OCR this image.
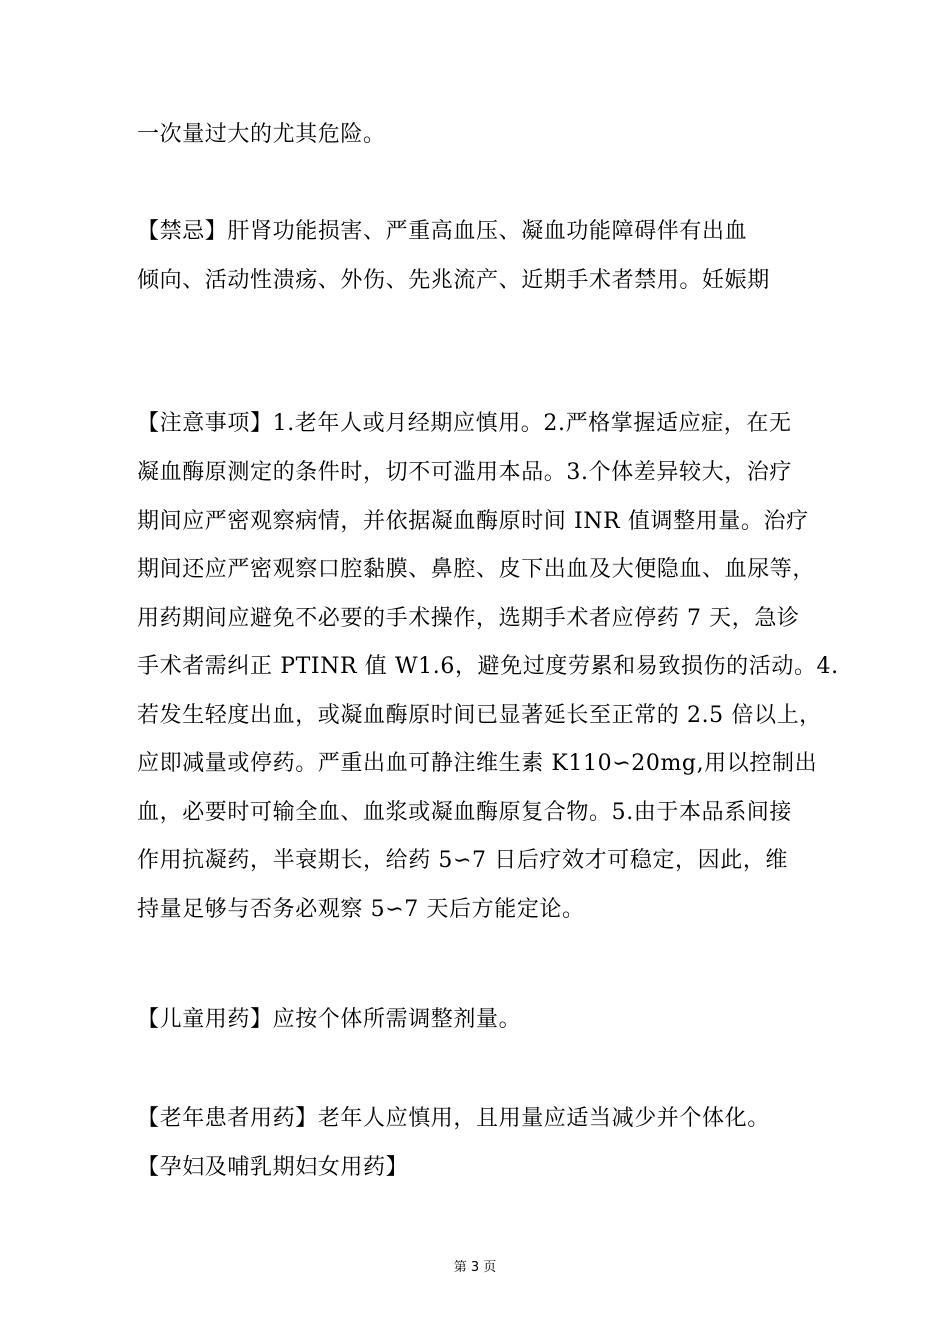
一次量过大的尤其危险。
【禁忌】肝肾功能损害、严重高血压、凝血功能障碍伴有出血
倾向、活动性溃疡、外伤、先兆流产、近期手术者禁用。妊娠期
【注意事项】1.老年人或月经期应慎用。2.严格掌握适应症，在无
凝血酶原测定的条件时，切不可滥用本品。3.个体差异较大，治疗
期间应严密观察病情，并依据凝血酶原时间 INR 值调整用量。治疗
期间还应严密观察口腔黏膜、鼻腔、皮下出血及大便隐血、血尿等，
用药期间应避免不必要的手术操作，选期手术者应停药 7 天，急诊
手术者需纠正 PTINR 值 W1.6，避免过度劳累和易致损伤的活动。4.
若发生轻度出血，或凝血酶原时间已显著延长至正常的 2.5 倍以上，
应即减量或停药。严重出血可静注维生素 K110∽20mg,用以控制出
血，必要时可输全血、血浆或凝血酶原复合物。5.由于本品系间接
作用抗凝药，半衰期长，给药 5∽7 日后疗效才可稳定，因此，维
持量足够与否务必观察 5∽7 天后方能定论。
【儿童用药】应按个体所需调整剂量。
【老年患者用药】老年人应慎用，且用量应适当减少并个体化。
【孕妇及哺乳期妇女用药】
第 3 页
